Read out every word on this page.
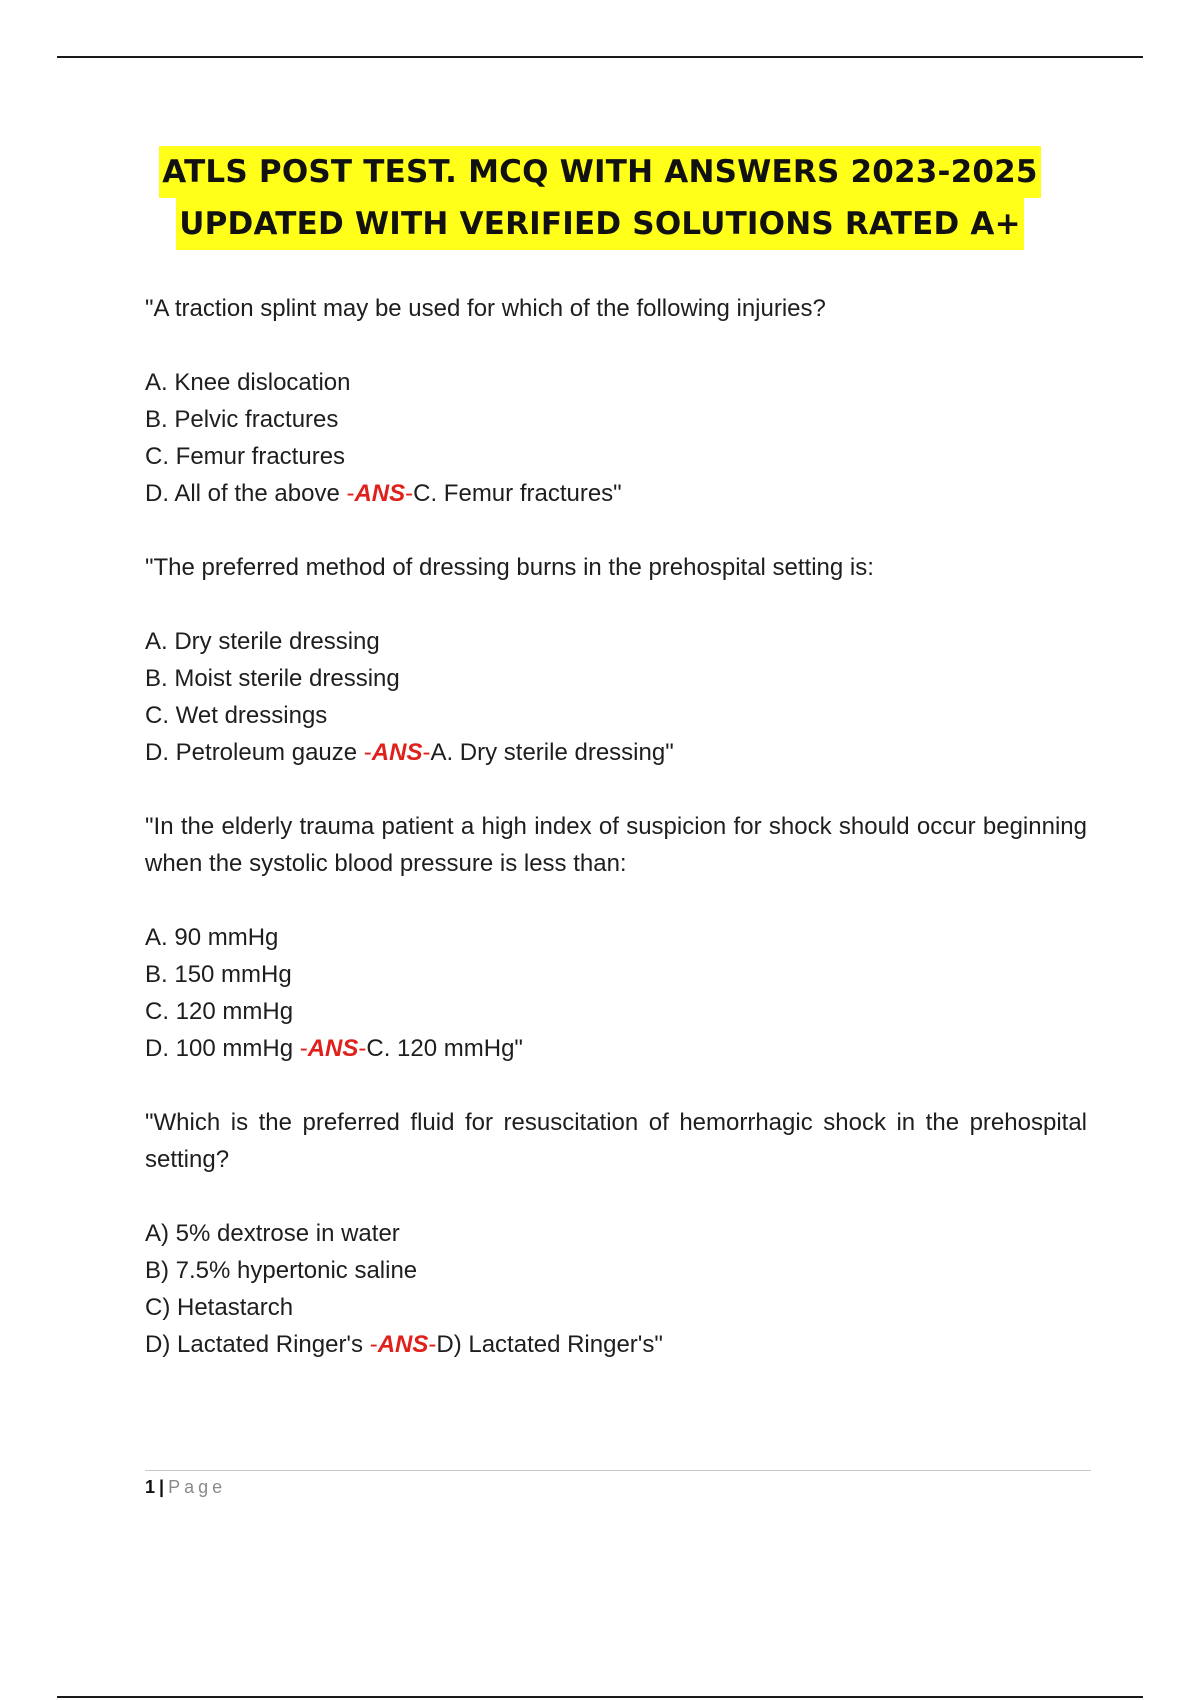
ATLS POST TEST. MCQ WITH ANSWERS 2023-2025
UPDATED WITH VERIFIED SOLUTIONS RATED A+

"A traction splint may be used for which of the following injuries?

A. Knee dislocation
B. Pelvic fractures
C. Femur fractures
D. All of the above -ANS-C. Femur fractures"

"The preferred method of dressing burns in the prehospital setting is:

A. Dry sterile dressing
B. Moist sterile dressing
C. Wet dressings
D. Petroleum gauze -ANS-A. Dry sterile dressing"

"In the elderly trauma patient a high index of suspicion for shock should occur beginning when the systolic blood pressure is less than:

A. 90 mmHg
B. 150 mmHg
C. 120 mmHg
D. 100 mmHg -ANS-C. 120 mmHg"

"Which is the preferred fluid for resuscitation of hemorrhagic shock in the prehospital setting?

A) 5% dextrose in water
B) 7.5% hypertonic saline
C) Hetastarch
D) Lactated Ringer's -ANS-D) Lactated Ringer's"
1 | Page
